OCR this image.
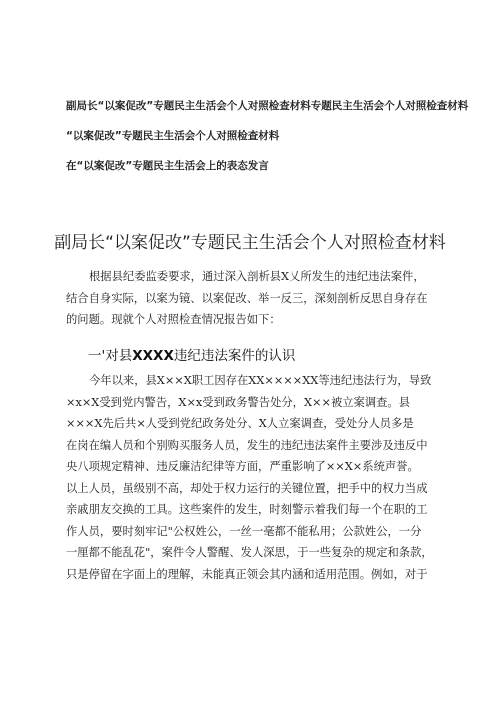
副局长“以案促改”专题民主生活会个人对照检查材料专题民主生活会个人对照检查材料
“以案促改”专题民主生活会个人对照检查材料
在“以案促改”专题民主生活会上的表态发言
副局长“以案促改”专题民主生活会个人对照检查材料
根据县纪委监委要求，通过深入剖析县X乂所发生的违纪违法案件，
结合自身实际，以案为镜、以案促改、举一反三，深刻剖析反思自身存在
的问题。现就个人对照检查情况报告如下：
一'对县XXXX违纪违法案件的认识
今年以来，县X××X职工因存在XX××××XX等违纪违法行为，导致
×x×X受到党内警告，X×x受到政务警告处分，X××被立案调查。县
×××X先后共×人受到党纪政务处分、X人立案调查，受处分人员多是
在岗在编人员和个别购买服务人员，发生的违纪违法案件主要涉及违反中
央八项规定精神、违反廉洁纪律等方面，严重影响了××X×系统声誉。
以上人员，虽级别不高，却处于权力运行的关键位置，把手中的权力当成
亲戚朋友交换的工具。这些案件的发生，时刻警示着我们每一个在职的工
作人员，要时刻牢记"公权姓公，一丝一毫都不能私用；公款姓公，一分
一厘都不能乱花"，案件令人警醒、发人深思，于一些复杂的规定和条款，
只是停留在字面上的理解，未能真正领会其内涵和适用范围。例如，对于
